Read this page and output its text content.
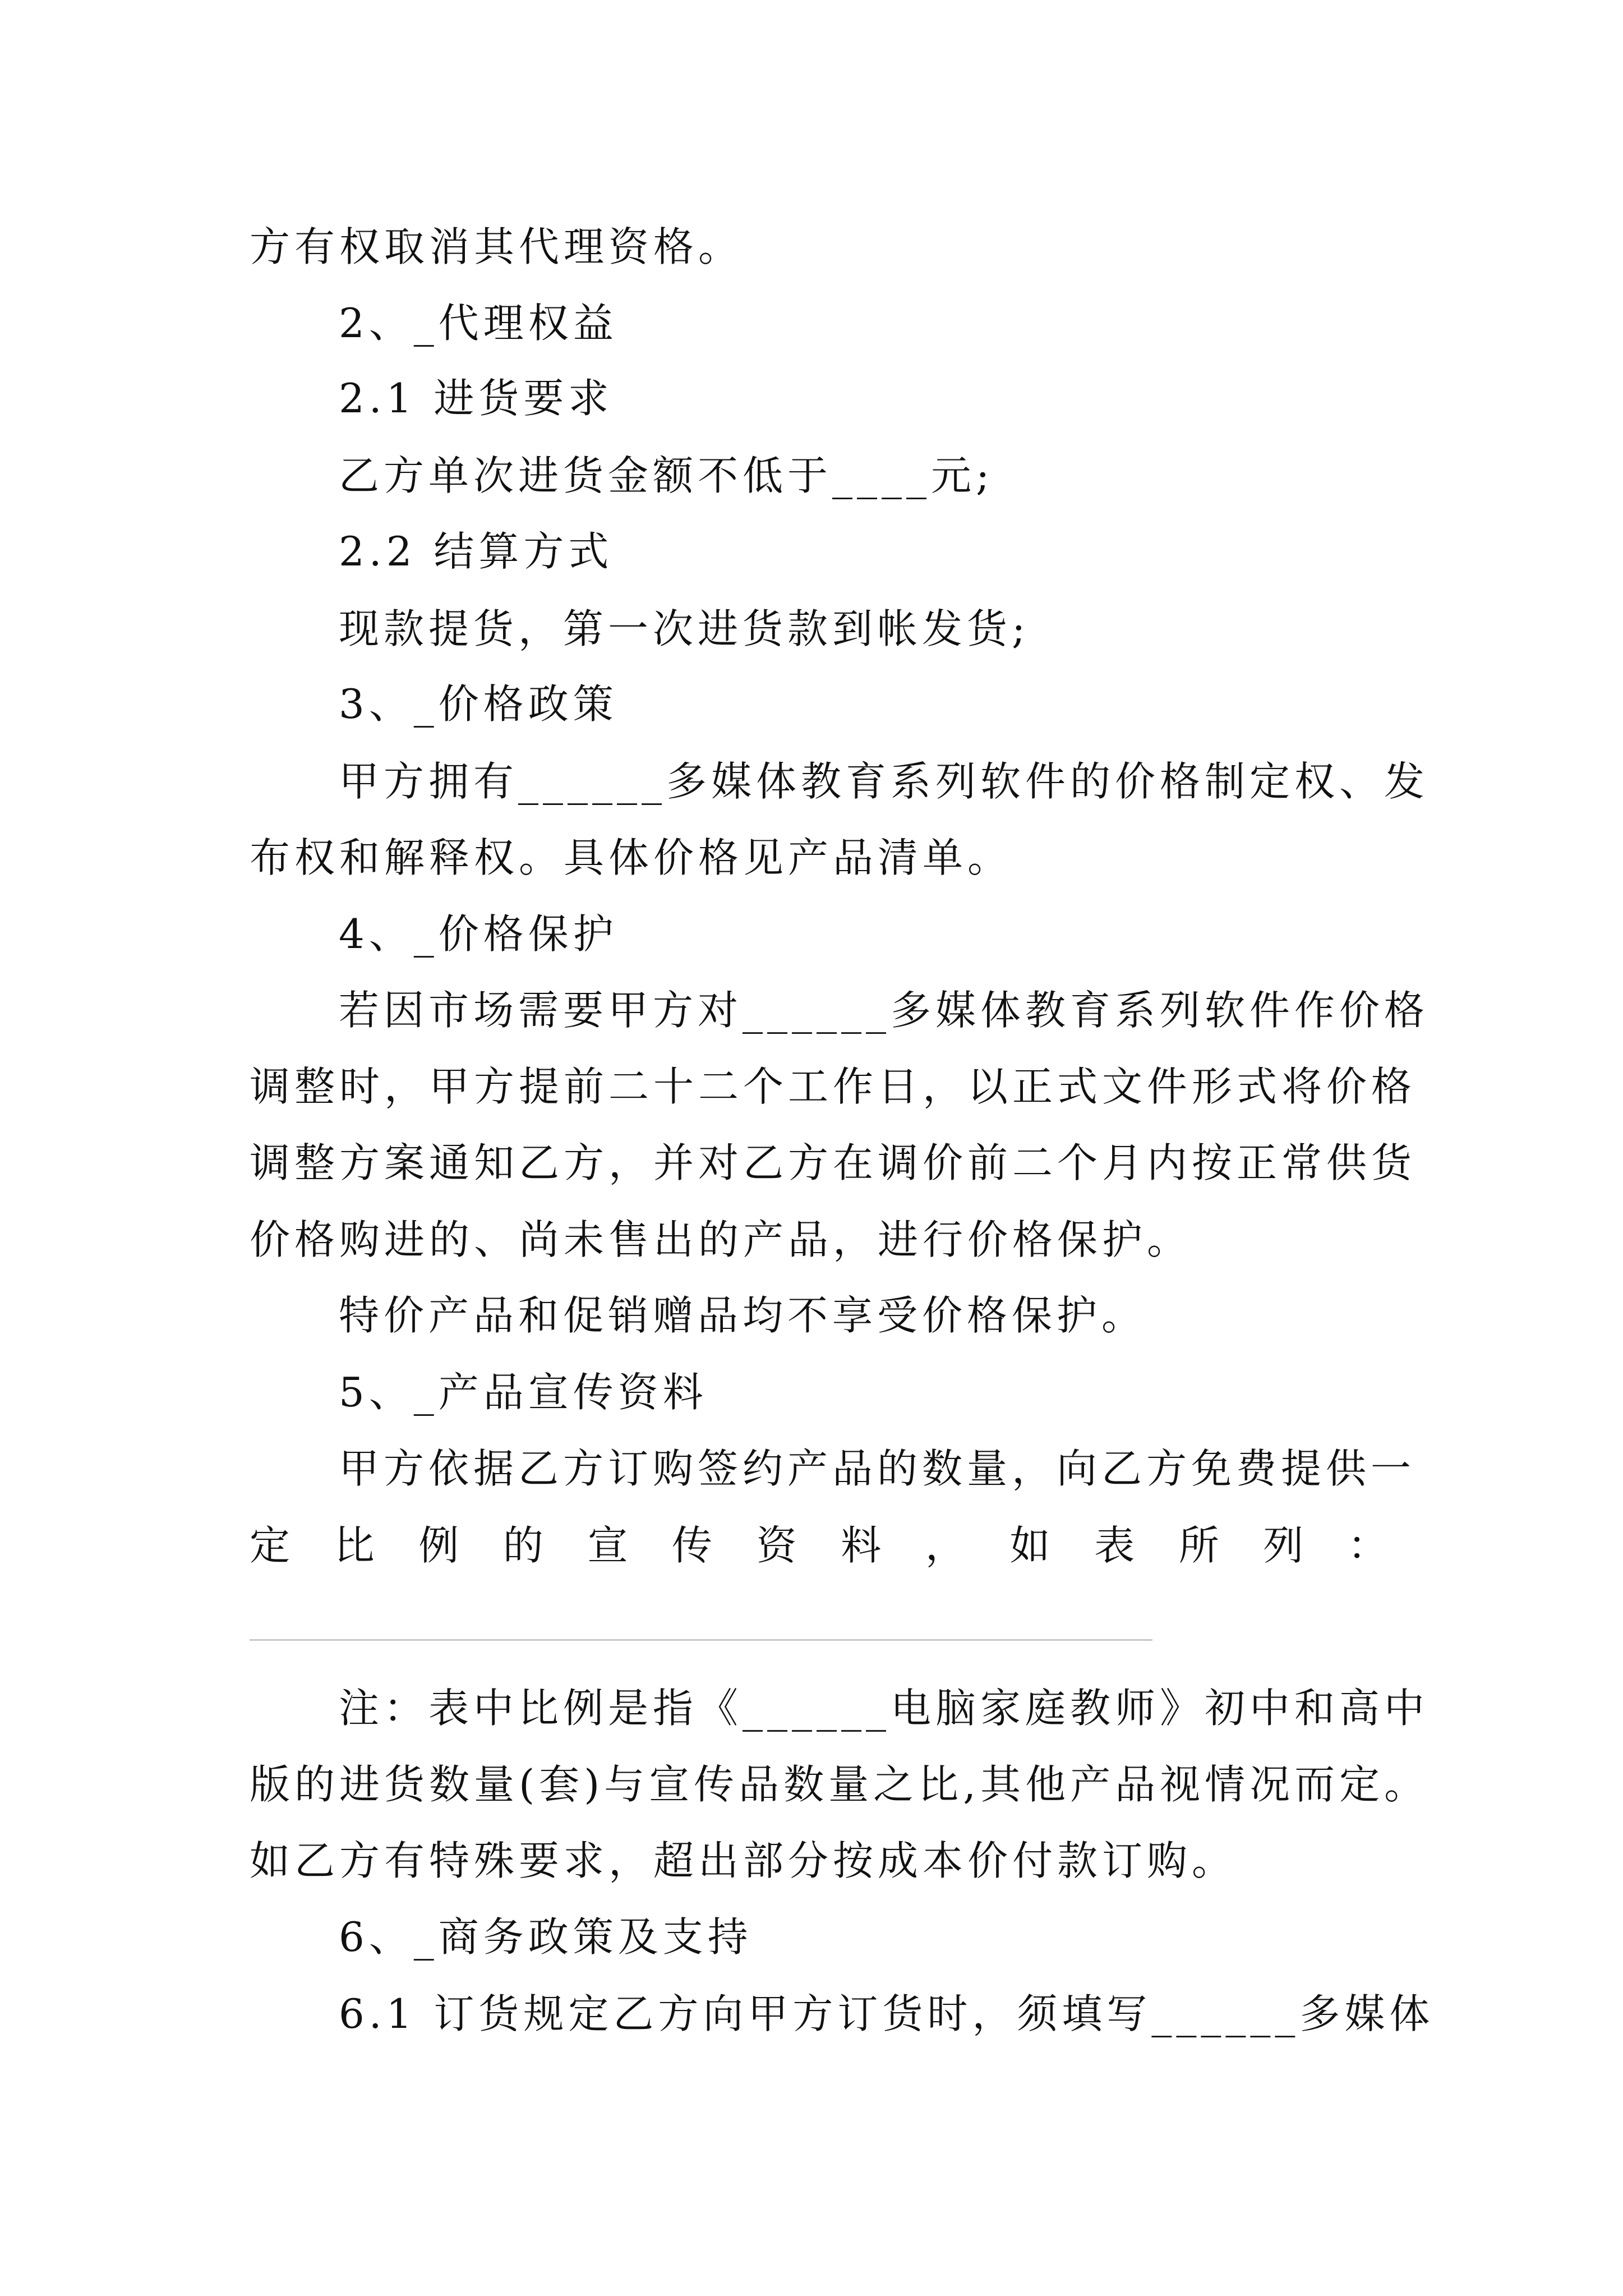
方有权取消其代理资格。
2、_代理权益
2.1 进货要求
乙方单次进货金额不低于____元;
2.2 结算方式
现款提货，第一次进货款到帐发货;
3、_价格政策
甲方拥有______多媒体教育系列软件的价格制定权、发
布权和解释权。具体价格见产品清单。
4、_价格保护
若因市场需要甲方对______多媒体教育系列软件作价格
调整时，甲方提前二十二个工作日，以正式文件形式将价格
调整方案通知乙方，并对乙方在调价前二个月内按正常供货
价格购进的、尚未售出的产品，进行价格保护。
特价产品和促销赠品均不享受价格保护。
5、_产品宣传资料
甲方依据乙方订购签约产品的数量，向乙方免费提供一
定 比 例 的 宣 传 资 料 ， 如 表 所 列 ：
注：表中比例是指《______电脑家庭教师》初中和高中
版的进货数量(套)与宣传品数量之比,其他产品视情况而定。
如乙方有特殊要求，超出部分按成本价付款订购。
6、_商务政策及支持
6.1 订货规定乙方向甲方订货时，须填写______多媒体
